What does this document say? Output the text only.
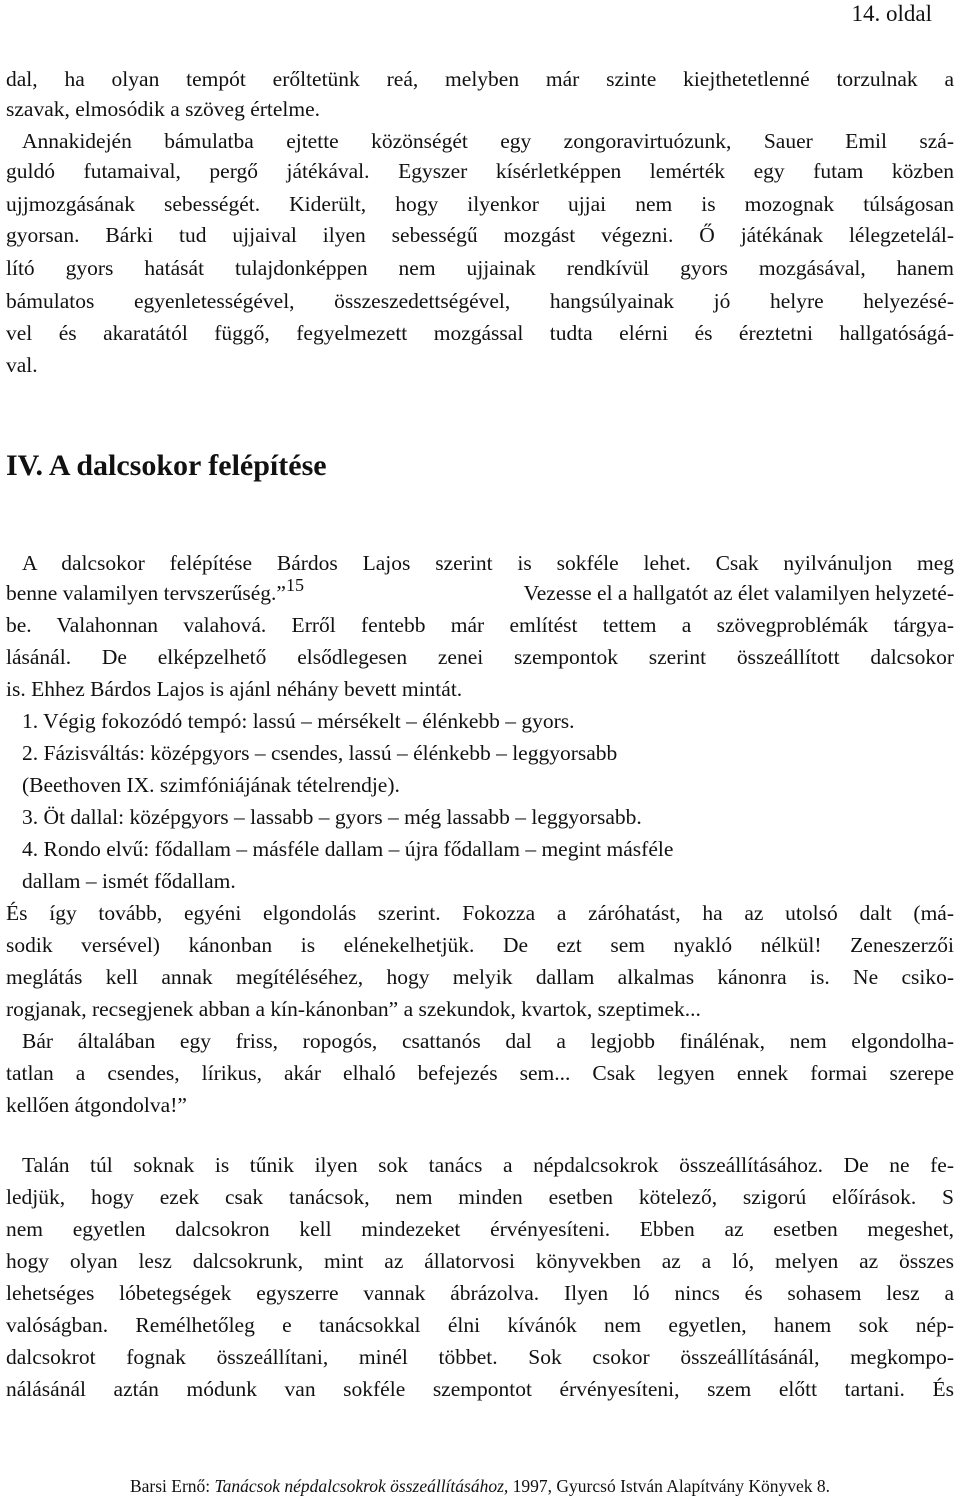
14. oldal
dal, ha olyan tempót erőltetünk reá, melyben már szinte kiejthetetlenné torzulnak a
szavak, elmosódik a szöveg értelme.
Annakidején bámulatba ejtette közönségét egy zongoravirtuózunk, Sauer Emil szá-
guldó futamaival, pergő játékával. Egyszer kísérletképpen lemérték egy futam közben
ujjmozgásának sebességét. Kiderült, hogy ilyenkor ujjai nem is mozognak túlságosan
gyorsan. Bárki tud ujjaival ilyen sebességű mozgást végezni. Ő játékának lélegzetelál-
lító gyors hatását tulajdonképpen nem ujjainak rendkívül gyors mozgásával, hanem
bámulatos egyenletességével, összeszedettségével, hangsúlyainak jó helyre helyezésé-
vel és akaratától függő, fegyelmezett mozgással tudta elérni és éreztetni hallgatóságá-
val.
IV. A dalcsokor felépítése
A dalcsokor felépítése Bárdos Lajos szerint is sokféle lehet. Csak nyilvánuljon meg
benne valamilyen tervszerűség.”$^{15}$	Vezesse el a hallgatót az élet valamilyen helyzeté-
be. Valahonnan valahová. Erről fentebb már említést tettem a szövegproblémák tárgya-
lásánál. De elképzelhető elsődlegesen zenei szempontok szerint összeállított dalcsokor
is. Ehhez Bárdos Lajos is ajánl néhány bevett mintát.
1. Végig fokozódó tempó: lassú – mérsékelt – élénkebb – gyors.
2. Fázisváltás: középgyors – csendes, lassú – élénkebb – leggyorsabb
(Beethoven IX. szimfóniájának tételrendje).
3. Öt dallal: középgyors – lassabb – gyors – még lassabb – leggyorsabb.
4. Rondo elvű: fődallam – másféle dallam – újra fődallam – megint másféle
dallam – ismét fődallam.
És így tovább, egyéni elgondolás szerint. Fokozza a záróhatást, ha az utolsó dalt (má-
sodik versével) kánonban is elénekelhetjük. De ezt sem nyakló nélkül! Zeneszerzői
meglátás kell annak megítéléséhez, hogy melyik dallam alkalmas kánonra is. Ne csiko-
rogjanak, recsegjenek abban a kín-kánonban” a szekundok, kvartok, szeptimek...
Bár általában egy friss, ropogós, csattanós dal a legjobb finálénak, nem elgondolha-
tatlan a csendes, lírikus, akár elhaló befejezés sem... Csak legyen ennek formai szerepe
kellően átgondolva!”
Talán túl soknak is tűnik ilyen sok tanács a népdalcsokrok összeállításához. De ne fe-
ledjük, hogy ezek csak tanácsok, nem minden esetben kötelező, szigorú előírások. S
nem egyetlen dalcsokron kell mindezeket érvényesíteni. Ebben az esetben megeshet,
hogy olyan lesz dalcsokrunk, mint az állatorvosi könyvekben az a ló, melyen az összes
lehetséges lóbetegségek egyszerre vannak ábrázolva. Ilyen ló nincs és sohasem lesz a
valóságban. Remélhetőleg e tanácsokkal élni kívánók nem egyetlen, hanem sok nép-
dalcsokrot fognak összeállítani, minél többet. Sok csokor összeállításánál, megkompo-
nálásánál aztán módunk van sokféle szempontot érvényesíteni, szem előtt tartani. És
Barsi Ernő: Tanácsok népdalcsokrok összeállításához, 1997, Gyurcsó István Alapítvány Könyvek 8.
